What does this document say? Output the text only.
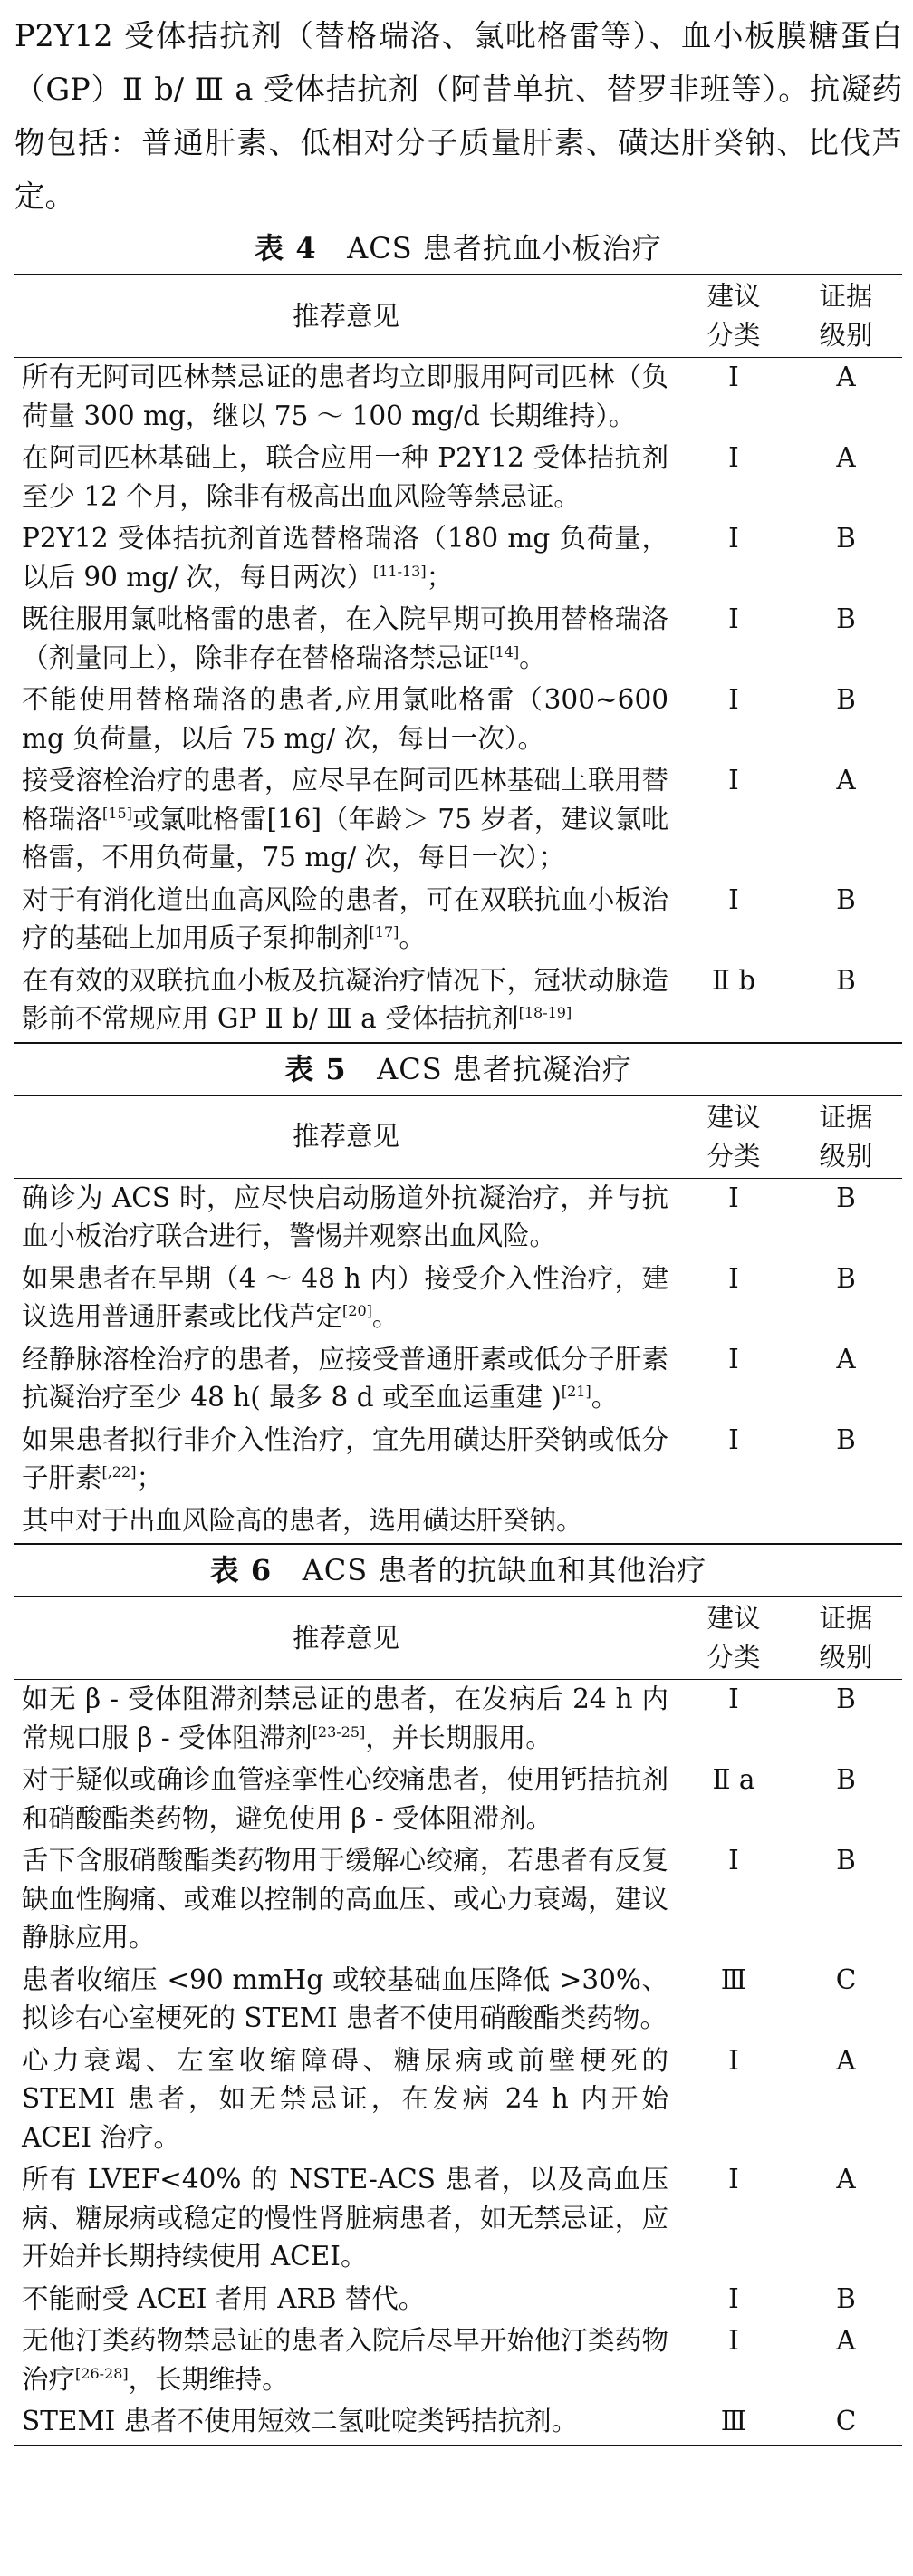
P2Y12 受体拮抗剂（替格瑞洛、氯吡格雷等）、血小板膜糖蛋白（GP）Ⅱ b/ Ⅲ a 受体拮抗剂（阿昔单抗、替罗非班等）。抗凝药物包括：普通肝素、低相对分子质量肝素、磺达肝癸钠、比伐芦定。

表 4 ACS 患者抗血小板治疗
推荐意见	建议分类	证据级别
所有无阿司匹林禁忌证的患者均立即服用阿司匹林（负荷量 300 mg，继以 75 ～ 100 mg/d 长期维持）。	Ⅰ	A
在阿司匹林基础上，联合应用一种 P2Y12 受体拮抗剂至少 12 个月，除非有极高出血风险等禁忌证。	Ⅰ	A
P2Y12 受体拮抗剂首选替格瑞洛（180 mg 负荷量，以后 90 mg/ 次，每日两次）[11-13]；	Ⅰ	B
既往服用氯吡格雷的患者，在入院早期可换用替格瑞洛（剂量同上），除非存在替格瑞洛禁忌证[14]。	Ⅰ	B
不能使用替格瑞洛的患者,应用氯吡格雷（300~600 mg 负荷量，以后 75 mg/ 次，每日一次）。	Ⅰ	B
接受溶栓治疗的患者，应尽早在阿司匹林基础上联用替格瑞洛[15]或氯吡格雷[16]（年龄＞ 75 岁者，建议氯吡格雷，不用负荷量，75 mg/ 次，每日一次）；	Ⅰ	A
对于有消化道出血高风险的患者，可在双联抗血小板治疗的基础上加用质子泵抑制剂[17]。	Ⅰ	B
在有效的双联抗血小板及抗凝治疗情况下，冠状动脉造影前不常规应用 GP Ⅱ b/ Ⅲ a 受体拮抗剂[18-19]	Ⅱ b	B
表 5 ACS 患者抗凝治疗
推荐意见	建议分类	证据级别
确诊为 ACS 时，应尽快启动肠道外抗凝治疗，并与抗血小板治疗联合进行，警惕并观察出血风险。	Ⅰ	B
如果患者在早期（4 ～ 48 h 内）接受介入性治疗，建议选用普通肝素或比伐芦定[20]。	Ⅰ	B
经静脉溶栓治疗的患者，应接受普通肝素或低分子肝素抗凝治疗至少 48 h( 最多 8 d 或至血运重建 )[21]。	Ⅰ	A
如果患者拟行非介入性治疗，宜先用磺达肝癸钠或低分子肝素[,22]；	Ⅰ	B
其中对于出血风险高的患者，选用磺达肝癸钠。		
表 6 ACS 患者的抗缺血和其他治疗
推荐意见	建议分类	证据级别
如无 β - 受体阻滞剂禁忌证的患者，在发病后 24 h 内常规口服 β - 受体阻滞剂[23-25]，并长期服用。	Ⅰ	B
对于疑似或确诊血管痉挛性心绞痛患者，使用钙拮抗剂和硝酸酯类药物，避免使用 β - 受体阻滞剂。	Ⅱ a	B
舌下含服硝酸酯类药物用于缓解心绞痛，若患者有反复缺血性胸痛、或难以控制的高血压、或心力衰竭，建议静脉应用。	Ⅰ	B
患者收缩压 <90 mmHg 或较基础血压降低 >30%、拟诊右心室梗死的 STEMI 患者不使用硝酸酯类药物。	Ⅲ	C
心力衰竭、左室收缩障碍、糖尿病或前壁梗死的 STEMI 患者，如无禁忌证，在发病 24 h 内开始 ACEI 治疗。	Ⅰ	A
所有 LVEF<40% 的 NSTE-ACS 患者，以及高血压病、糖尿病或稳定的慢性肾脏病患者，如无禁忌证，应开始并长期持续使用 ACEI。	Ⅰ	A
不能耐受 ACEI 者用 ARB 替代。	Ⅰ	B
无他汀类药物禁忌证的患者入院后尽早开始他汀类药物治疗[26-28]，长期维持。	Ⅰ	A
STEMI 患者不使用短效二氢吡啶类钙拮抗剂。	Ⅲ	C
